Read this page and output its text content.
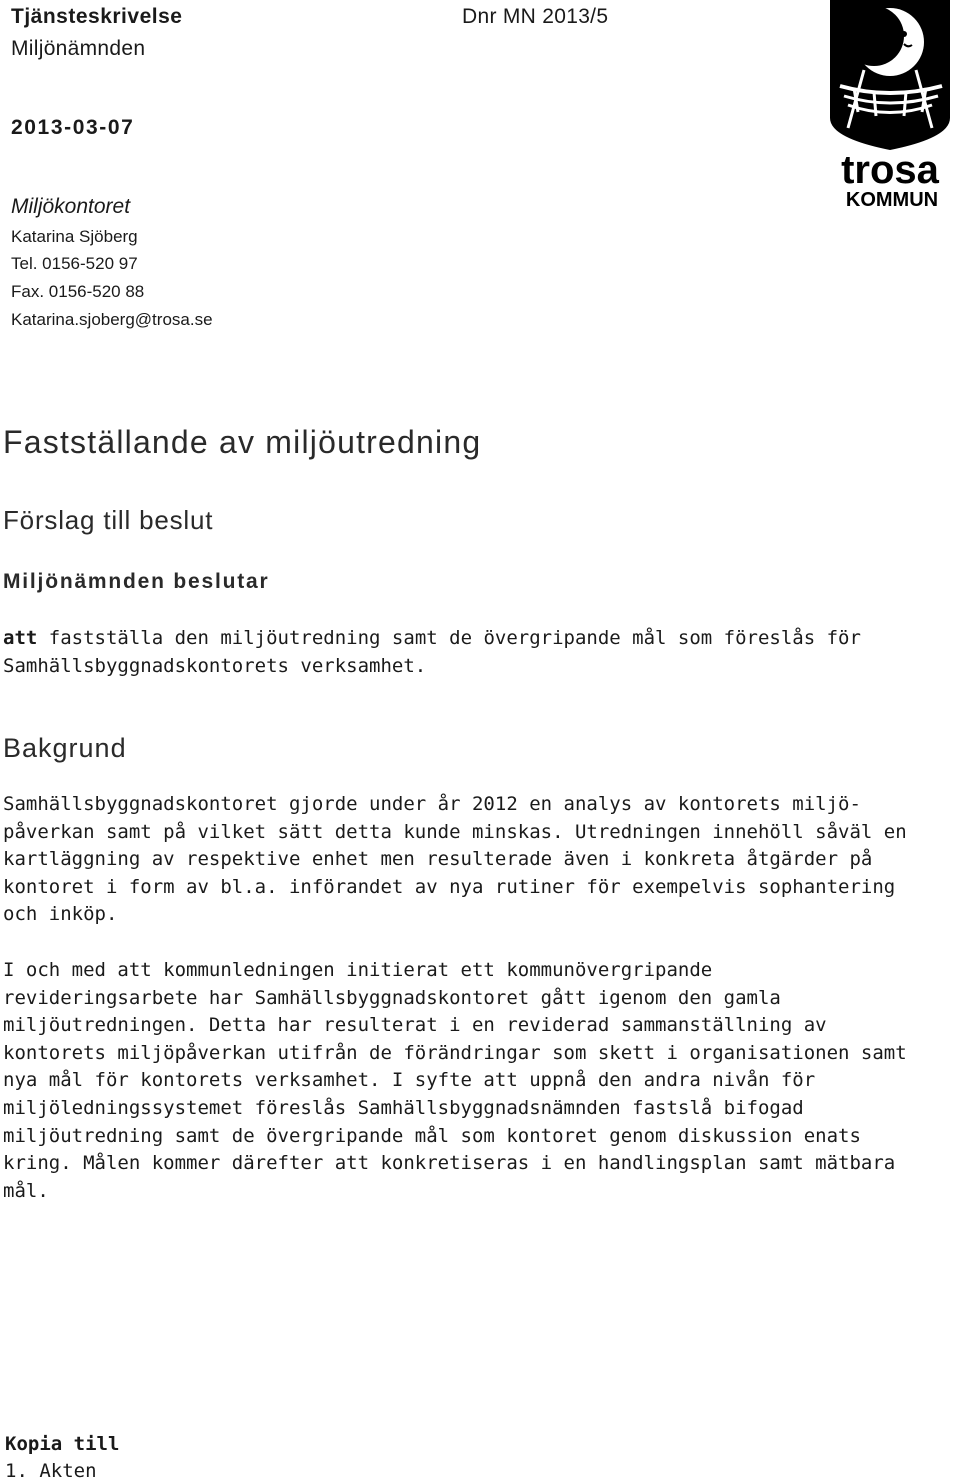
Tjänsteskrivelse
Miljönämnden
Dnr MN 2013/5
2013-03-07
Miljökontoret
Katarina Sjöberg
Tel. 0156-520 97
Fax. 0156-520 88
Katarina.sjoberg@trosa.se
trosa
KOMMUN
Fastställande av miljöutredning
Förslag till beslut
Miljönämnden beslutar

att fastställa den miljöutredning samt de övergripande mål som föreslås för
Samhällsbyggnadskontorets verksamhet.

Bakgrund

Samhällsbyggnadskontoret gjorde under år 2012 en analys av kontorets miljö-
påverkan samt på vilket sätt detta kunde minskas. Utredningen innehöll såväl en
kartläggning av respektive enhet men resulterade även i konkreta åtgärder på
kontoret i form av bl.a. införandet av nya rutiner för exempelvis sophantering
och inköp.

I och med att kommunledningen initierat ett kommunövergripande
revideringsarbete har Samhällsbyggnadskontoret gått igenom den gamla
miljöutredningen. Detta har resulterat i en reviderad sammanställning av
kontorets miljöpåverkan utifrån de förändringar som skett i organisationen samt
nya mål för kontorets verksamhet. I syfte att uppnå den andra nivån för
miljöledningssystemet föreslås Samhällsbyggnadsnämnden fastslå bifogad
miljöutredning samt de övergripande mål som kontoret genom diskussion enats
kring. Målen kommer därefter att konkretiseras i en handlingsplan samt mätbara
mål.

Kopia till
1. Akten
